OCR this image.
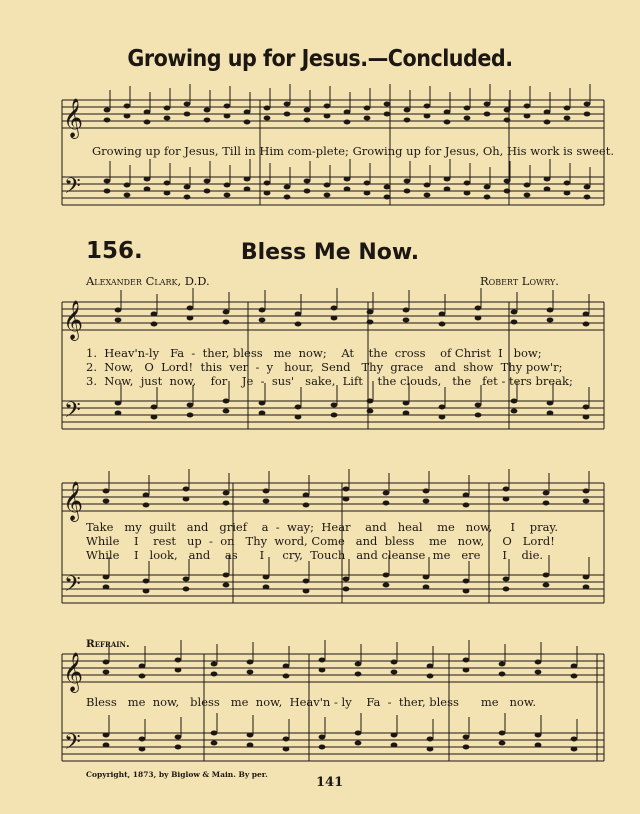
𝄞
𝄢
𝄞
𝄢
𝄞
𝄢
𝄞
𝄢
Growing up for Jesus.—Concluded.
Growing up for Jesus, Till in Him com-plete; Growing up for Jesus, Oh, His work is sweet.
156.	Bless Me Now.
Alexander Clark, D.D.	Robert Lowry.
1.  Heav'n-ly   Fa  -  ther, bless   me  now;    At    the  cross    of Christ  I   bow;
2.  Now,   O  Lord!  this  ver  -  y   hour,  Send   Thy  grace   and  show  Thy pow'r;
3.  Now,  just  now,    for    Je  -  sus'   sake,  Lift    the clouds,   the   fet - ters break;
Take   my  guilt   and   grief    a  -  way;  Hear    and   heal    me   now,     I    pray.
While    I    rest   up  -  on   Thy  word, Come   and  bless    me   now,     O   Lord!
While    I   look,   and    as      I     cry,  Touch   and cleanse  me   ere      I    die.
Refrain.
Bless   me  now,   bless   me  now,  Heav'n - ly    Fa  -  ther, bless      me   now.
Copyright, 1873, by Biglow & Main. By per.
141
